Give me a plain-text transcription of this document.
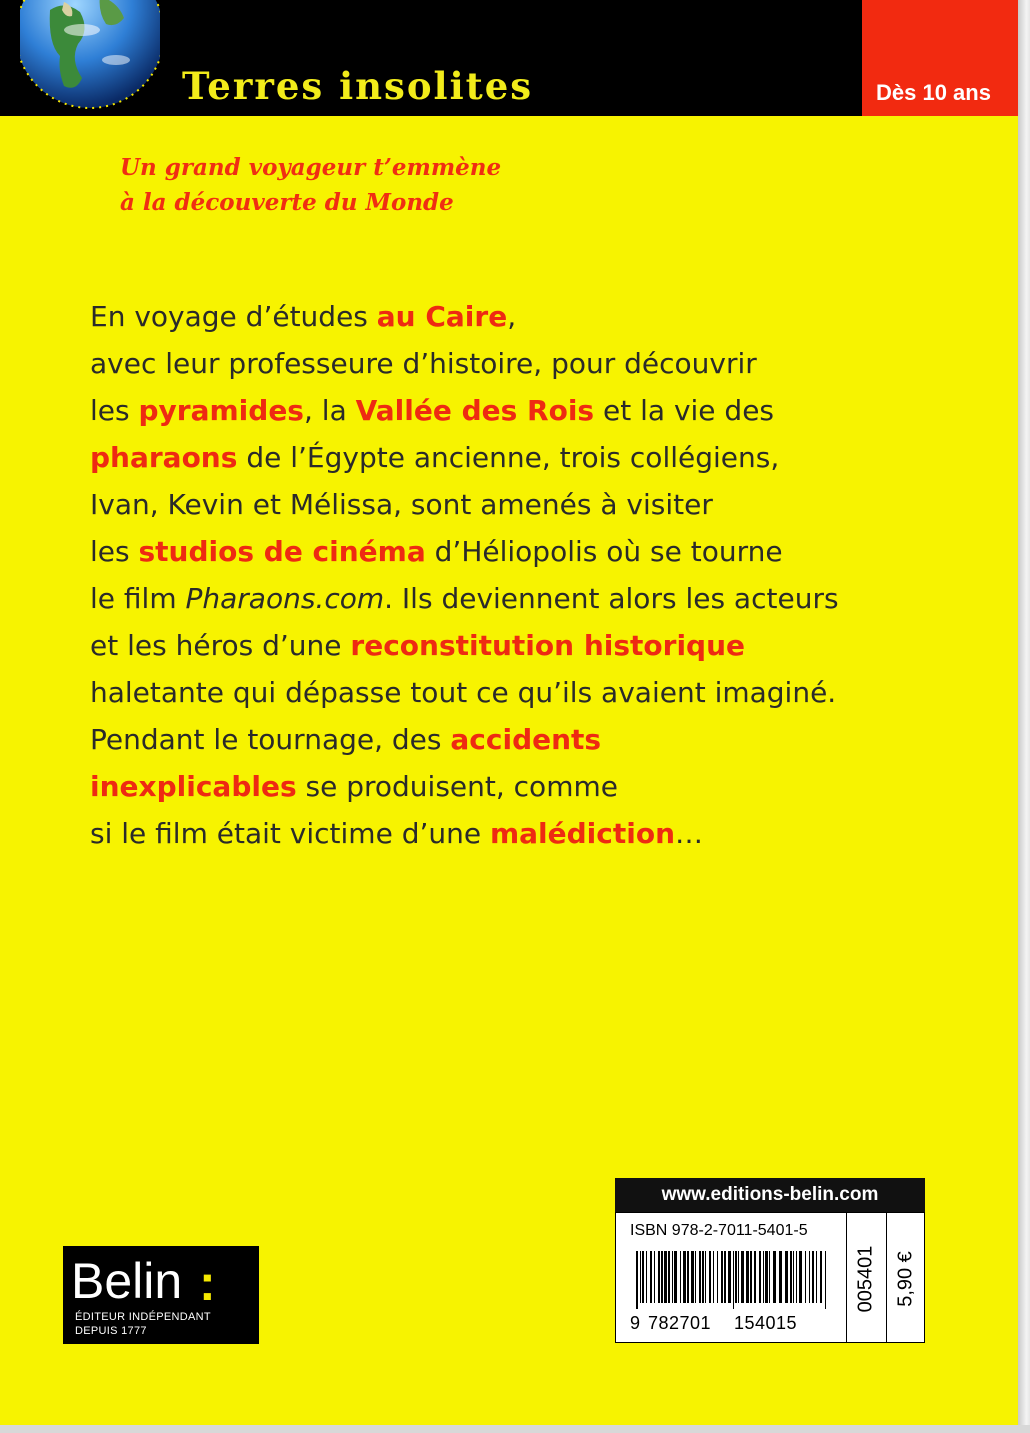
Terres insolites	Dès 10 ans
Un grand voyageur t’emmène
à la découverte du Monde
En voyage d’études au Caire,
avec leur professeure d’histoire, pour découvrir
les pyramides, la Vallée des Rois et la vie des
pharaons de l’Égypte ancienne, trois collégiens,
Ivan, Kevin et Mélissa, sont amenés à visiter
les studios de cinéma d’Héliopolis où se tourne
le film Pharaons.com. Ils deviennent alors les acteurs
et les héros d’une reconstitution historique
haletante qui dépasse tout ce qu’ils avaient imaginé.
Pendant le tournage, des accidents
inexplicables se produisent, comme
si le film était victime d’une malédiction…
Belin :
ÉDITEUR INDÉPENDANT
DEPUIS 1777
www.editions-belin.com
ISBN 978-2-7011-5401-5
9 782701 154015
005401 5,90 €
